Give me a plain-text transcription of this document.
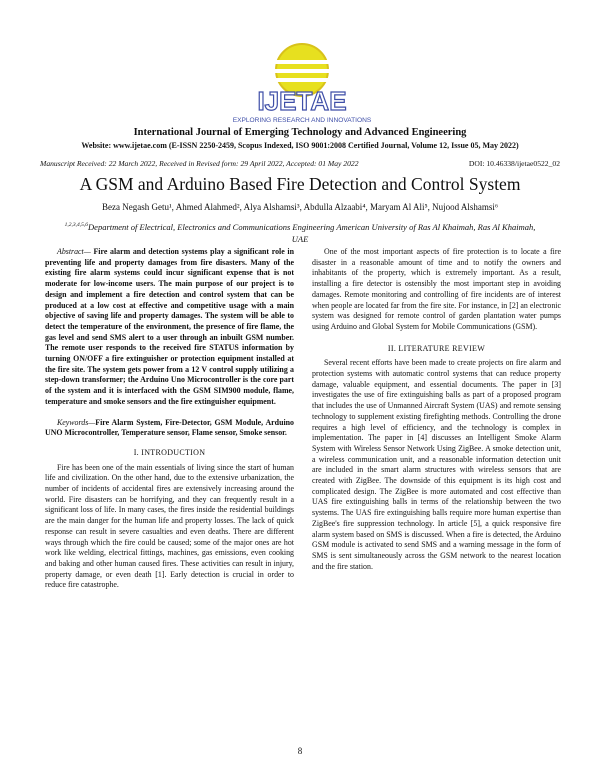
IJETAE
EXPLORING RESEARCH AND INNOVATIONS
International Journal of Emerging Technology and Advanced Engineering
Website: www.ijetae.com (E-ISSN 2250-2459, Scopus Indexed, ISO 9001:2008 Certified Journal, Volume 12, Issue 05, May 2022)
Manuscript Received: 22 March 2022, Received in Revised form: 29 April 2022, Accepted: 01 May 2022	DOI: 10.46338/ijetae0522_02
A GSM and Arduino Based Fire Detection and Control System
Beza Negash Getu¹, Ahmed Alahmed², Alya Alshamsi³, Abdulla Alzaabi⁴, Maryam Al Ali⁵, Nujood Alshamsi⁶
$^{1,2,3,4,5,6}$Department of Electrical, Electronics and Communications Engineering American University of Ras Al Khaimah, Ras Al Khaimah, UAE

Abstract— Fire alarm and detection systems play a significant role in preventing life and property damages from fire disasters. Many of the existing fire alarm systems could incur significant expense that is not moderate for low-income users. The main purpose of our project is to design and implement a fire detection and control system that can be produced at a low cost at effective and competitive usage with a main objective of saving life and property damages. The system will be able to detect the temperature of the environment, the presence of fire flame, the gas level and send SMS alert to a user through an inbuilt GSM number. The remote user responds to the received fire STATUS information by turning ON/OFF a fire extinguisher or protection equipment installed at the fire site. The system gets power from a 12 V control supply utilizing a step-down transformer; the Arduino Uno Microcontroller is the core part of the system and it is interfaced with the GSM SIM900 module, flame, temperature and smoke sensors and the fire extinguisher equipment.

Keywords—Fire Alarm System, Fire-Detector, GSM Module, Arduino UNO Microcontroller, Temperature sensor, Flame sensor, Smoke sensor.

I. INTRODUCTION

Fire has been one of the main essentials of living since the start of human life and civilization. On the other hand, due to the extensive urbanization, the number of incidents of accidental fires are extensively increasing around the world. Fire disasters can be horrifying, and they can frequently result in a significant loss of life. In many cases, the fires inside the residential buildings are the main danger for the human life and property losses. The lack of quick response can result in severe casualties and even deaths. There are different ways through which the fire could be caused; some of the major ones are hot work like welding, electrical fittings, machines, gas emissions, even cooking and baking and other human caused fires. These activities can result in injury, property damage, or even death [1]. Early detection is crucial in order to reduce fire catastrophe.

One of the most important aspects of fire protection is to locate a fire disaster in a reasonable amount of time and to notify the owners and inhabitants of the property, which is extremely important. As a result, installing a fire detector is ostensibly the most important step in avoiding damages. Remote monitoring and controlling of fire incidents are of interest when people are located far from the fire site. For instance, in [2] an electronic system was designed for remote control of garden plantation water pumps using Arduino and Global System for Mobile Communications (GSM).

II. LITERATURE REVIEW

Several recent efforts have been made to create projects on fire alarm and protection systems with automatic control systems that can reduce property damage, valuable equipment, and essential documents. The paper in [3] investigates the use of fire extinguishing balls as part of a proposed program that includes the use of Unmanned Aircraft System (UAS) and remote sensing technology to supplement existing firefighting methods. Controlling the drone requires a high level of efficiency, and the technology is complex in implementation. The paper in [4] discusses an Intelligent Smoke Alarm System with Wireless Sensor Network Using ZigBee. A smoke detection unit, a wireless communication unit, and a reasonable information detection unit are included in the smart alarm structures with wireless sensors that are created with ZigBee. The downside of this equipment is its high cost and complicated design. The ZigBee is more automated and cost effective than UAS fire extinguishing balls in terms of the relationship between the two systems. The UAS fire extinguishing balls require more human expertise than ZigBee's fire suppression technology. In article [5], a quick responsive fire alarm system based on SMS is discussed. When a fire is detected, the Arduino GSM module is activated to send SMS and a warning message in the form of SMS is sent simultaneously across the GSM network to the nearest location and the fire station.

8
